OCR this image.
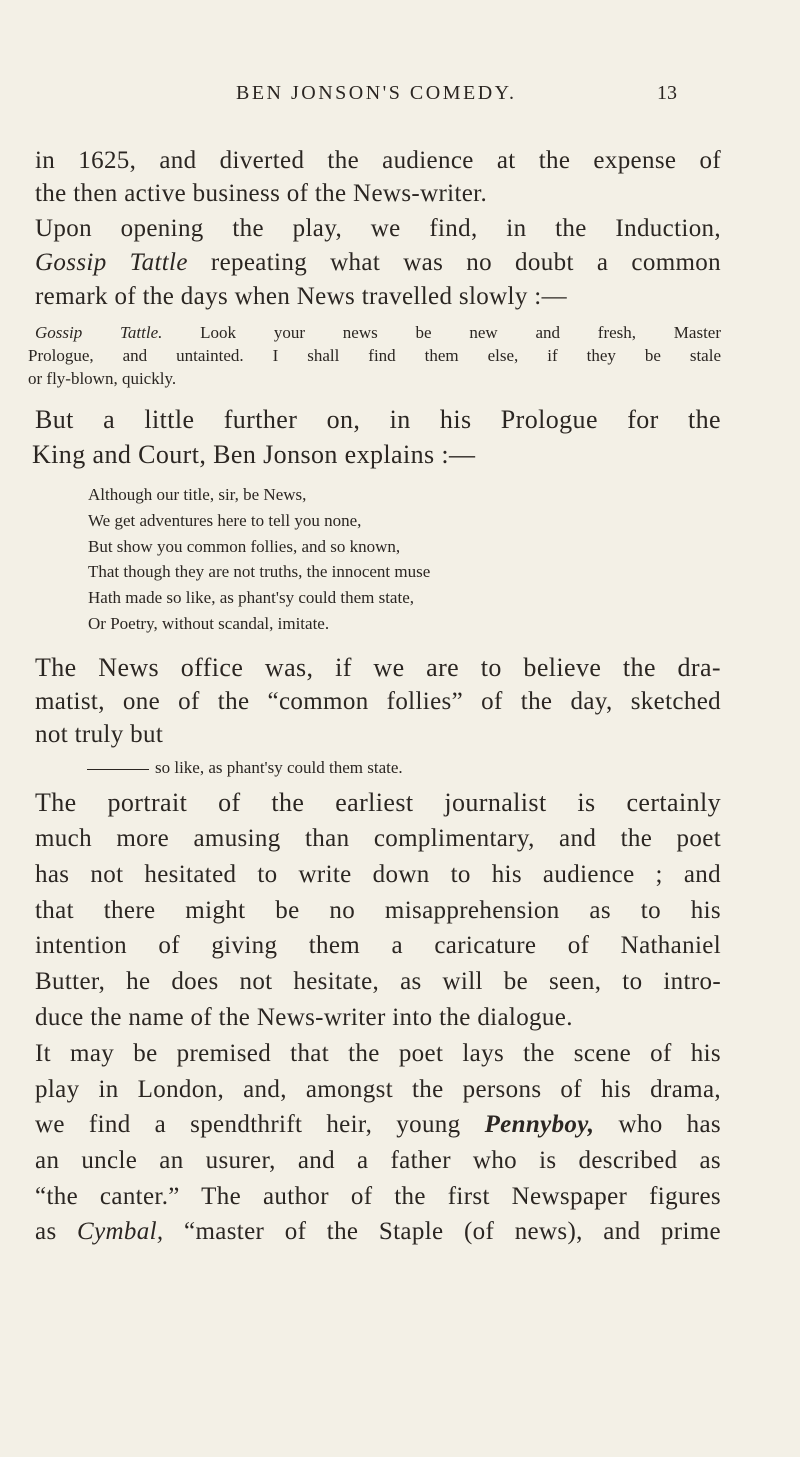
BEN JONSON'S COMEDY.	13
in 1625, and diverted the audience at the expense of
the then active business of the News-writer.
Upon opening the play, we find, in the Induction,
Gossip Tattle repeating what was no doubt a common
remark of the days when News travelled slowly :—
Gossip Tattle. Look your news be new and fresh, Master
Prologue, and untainted. I shall find them else, if they be stale
or fly-blown, quickly.
But a little further on, in his Prologue for the
King and Court, Ben Jonson explains :—
Although our title, sir, be News,
We get adventures here to tell you none,
But show you common follies, and so known,
That though they are not truths, the innocent muse
Hath made so like, as phant'sy could them state,
Or Poetry, without scandal, imitate.
The News office was, if we are to believe the dra-
matist, one of the “common follies” of the day, sketched
not truly but
so like, as phant'sy could them state.
The portrait of the earliest journalist is certainly
much more amusing than complimentary, and the poet
has not hesitated to write down to his audience ; and
that there might be no misapprehension as to his
intention of giving them a caricature of Nathaniel
Butter, he does not hesitate, as will be seen, to intro-
duce the name of the News-writer into the dialogue.
It may be premised that the poet lays the scene of his
play in London, and, amongst the persons of his drama,
we find a spendthrift heir, young Pennyboy, who has
an uncle an usurer, and a father who is described as
“the canter.” The author of the first Newspaper figures
as Cymbal, “master of the Staple (of news), and prime
